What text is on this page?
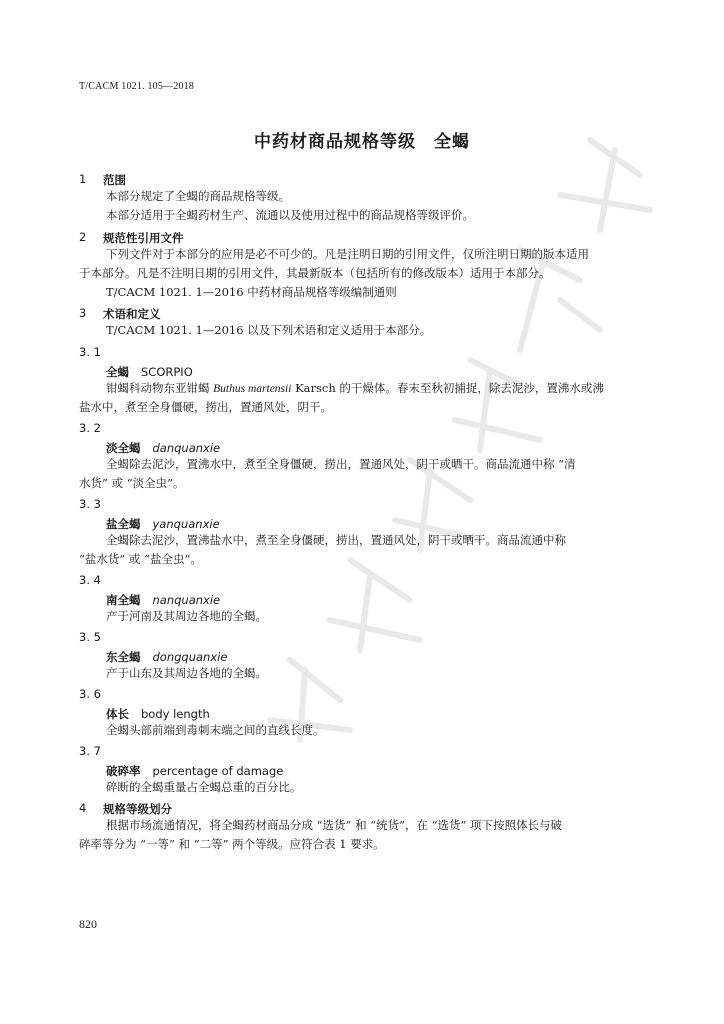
T/CACM 1021. 105—2018
中药材商品规格等级　全蝎
1 范围
本部分规定了全蝎的商品规格等级。
本部分适用于全蝎药材生产、流通以及使用过程中的商品规格等级评价。
2 规范性引用文件
下列文件对于本部分的应用是必不可少的。凡是注明日期的引用文件，仅所注明日期的版本适用
于本部分。凡是不注明日期的引用文件，其最新版本（包括所有的修改版本）适用于本部分。
T/CACM 1021. 1—2016 中药材商品规格等级编制通则
3 术语和定义
T/CACM 1021. 1—2016 以及下列术语和定义适用于本部分。
3. 1
全蝎 SCORPIO
钳蝎科动物东亚钳蝎 Buthus martensii Karsch 的干燥体。春末至秋初捕捉，除去泥沙，置沸水或沸
盐水中，煮至全身僵硬，捞出，置通风处，阴干。
3. 2
淡全蝎 danquanxie
全蝎除去泥沙，置沸水中，煮至全身僵硬，捞出，置通风处，阴干或晒干。商品流通中称 “清
水货” 或 “淡全虫”。
3. 3
盐全蝎 yanquanxie
全蝎除去泥沙，置沸盐水中，煮至全身僵硬，捞出，置通风处，阴干或晒干。商品流通中称
“盐水货” 或 “盐全虫”。
3. 4
南全蝎 nanquanxie
产于河南及其周边各地的全蝎。
3. 5
东全蝎 dongquanxie
产于山东及其周边各地的全蝎。
3. 6
体长 body length
全蝎头部前端到毒刺末端之间的直线长度。
3. 7
破碎率 percentage of damage
碎断的全蝎重量占全蝎总重的百分比。
4 规格等级划分
根据市场流通情况，将全蝎药材商品分成 “选货” 和 “统货”，在 “选货” 项下按照体长与破
碎率等分为 “一等” 和 “二等” 两个等级。应符合表 1 要求。
820
